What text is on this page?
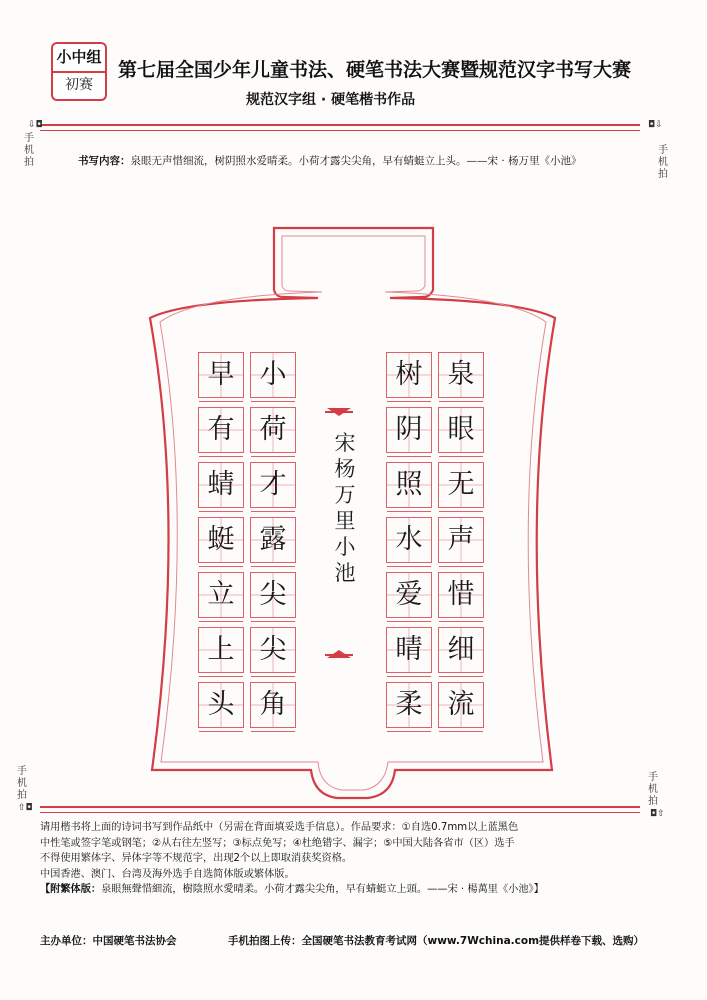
小中组
初赛
第七届全国少年儿童书法、硬笔书法大赛暨规范汉字书写大赛
规范汉字组 · 硬笔楷书作品
⇩◘
手机拍
◘⇩
手机拍
手机拍
⇧◘
手机拍
◘⇧
书写内容：泉眼无声惜细流，树阴照水爱晴柔。小荷才露尖尖角，早有蜻蜓立上头。——宋 · 杨万里《小池》
泉
眼
无
声
惜
细
流
树
阴
照
水
爱
晴
柔
小
荷
才
露
尖
尖
角
早
有
蜻
蜓
立
上
头
宋杨万里小池
请用楷书将上面的诗词书写到作品纸中（另需在背面填妥选手信息）。作品要求：①自选0.7mm以上蓝黑色
中性笔或签字笔或钢笔；②从右往左竖写；③标点免写；④杜绝错字、漏字；⑤中国大陆各省市（区）选手
不得使用繁体字、异体字等不规范字，出现2个以上即取消获奖资格。
中国香港、澳门、台湾及海外选手自选简体版或繁体版。
【附繁体版：泉眼無聲惜細流，樹陰照水愛晴柔。小荷才露尖尖角，早有蜻蜓立上頭。——宋 · 楊萬里《小池》】
主办单位：中国硬笔书法协会	手机拍图上传：全国硬笔书法教育考试网（www.7Wchina.com提供样卷下载、选购）
